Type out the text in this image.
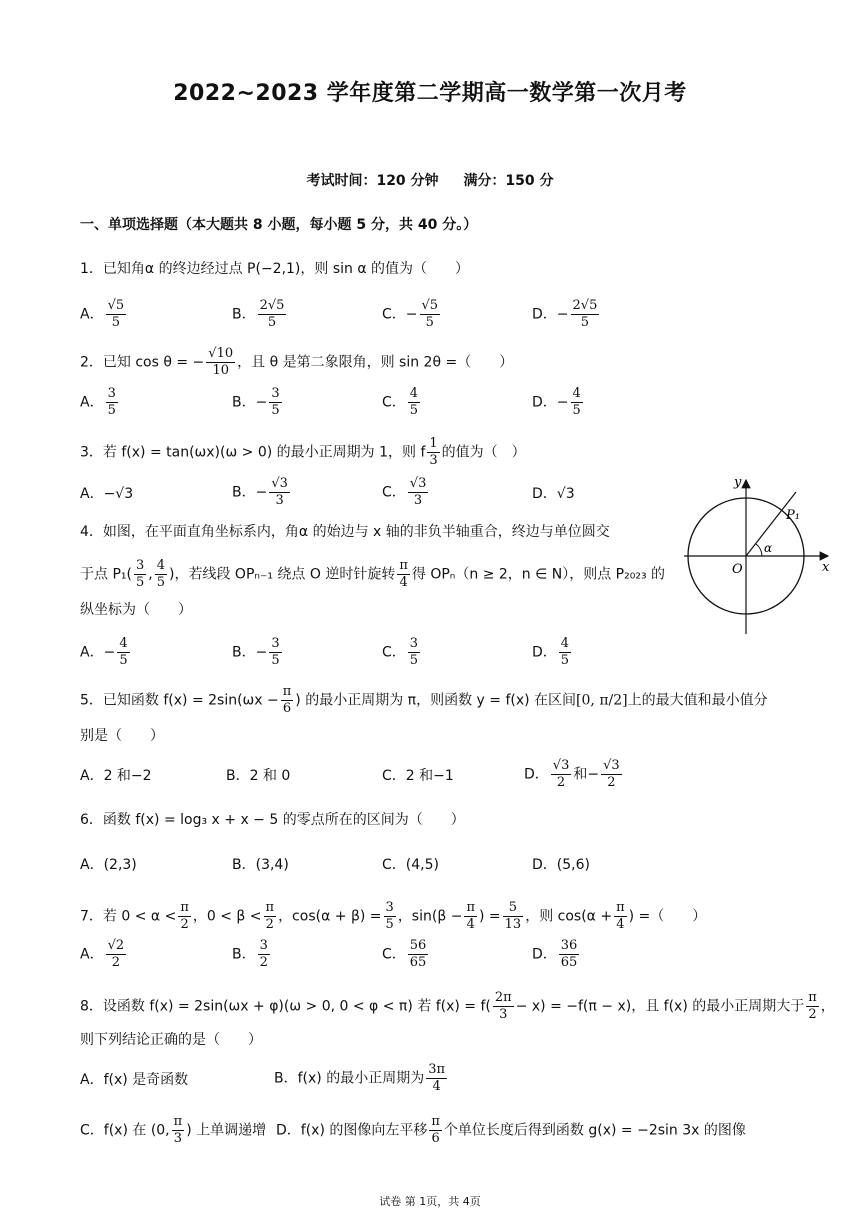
2022~2023 学年度第二学期高一数学第一次月考
考试时间：120 分钟 满分：150 分
一、单项选择题（本大题共 8 小题，每小题 5 分，共 40 分。）
1．已知角α 的终边经过点 P(−2,1)，则 sin α 的值为（　　）
A． $\frac{√5}{5}$	B． $\frac{2√5}{5}$	C．− $\frac{√5}{5}$	D．− $\frac{2√5}{5}$
2．已知 cos θ = − $\frac{√10}{10}$ ，且 θ 是第二象限角，则 sin 2θ =（　　）
A． $\frac{3}{5}$	B．− $\frac{3}{5}$	C． $\frac{4}{5}$	D．− $\frac{4}{5}$
3．若 f(x) = tan(ωx)(ω > 0) 的最小正周期为 1，则 f $\frac{1}{3}$ 的值为（　）
A．−√3	B．− $\frac{√3}{3}$	C． $\frac{√3}{3}$	D．√3
4．如图，在平面直角坐标系内，角α 的始边与 x 轴的非负半轴重合，终边与单位圆交
于点 $P_1( \frac{3}{5}$ , $\frac{4}{5}$ )，若线段 OPₙ₋₁ 绕点 O 逆时针旋转 $\frac{\pi}{4}$ 得 OPₙ（n ≥ 2，n ∈ N），则点 P₂₀₂₃ 的
纵坐标为（　　）
A．− $\frac{4}{5}$	B．− $\frac{3}{5}$	C． $\frac{3}{5}$	D． $\frac{4}{5}$
y
x
O
P₁
α
5．已知函数 $f(x) = 2\sin(\omega x - \frac{\pi}{6}$ ) 的最小正周期为 π，则函数 y = f(x) 在区间[0, π/2]上的最大值和最小值分
别是（　　）
A．2 和−2	B．2 和 0	C．2 和−1	D． $\frac{√3}{2}$ 和− $\frac{√3}{2}$
6．函数 f(x) = log₃ x + x − 5 的零点所在的区间为（　　）
A．(2,3)	B．(3,4)	C．(4,5)	D．(5,6)
7．若 $0 < \alpha < \frac{\pi}{2}$ ，$0 < \beta < \frac{\pi}{2}$ ，$\cos(\alpha + \beta) = \frac{3}{5}$ ，$\sin(\beta - \frac{\pi}{4}$ ) = $\frac{5}{13}$ ，则 $\cos(\alpha + \frac{\pi}{4}$ ) =（　　）
A． $\frac{√2}{2}$	B． $\frac{3}{2}$	C． $\frac{56}{65}$	D． $\frac{36}{65}$
8．设函数 f(x) = 2sin(ωx + φ)(ω > 0, 0 < φ < π) 若 $f(x) = f( \frac{2\pi}{3} - x) = -f(\pi - x)$，且 f(x) 的最小正周期大于 $\frac{\pi}{2}$ ，
则下列结论正确的是（　　）
A．f(x) 是奇函数	B．f(x) 的最小正周期为 $\frac{3\pi}{4}$
C．f(x) 在 (0, $\frac{\pi}{3}$ ) 上单调递增 D．f(x) 的图像向左平移 $\frac{\pi}{6}$ 个单位长度后得到函数 g(x) = −2sin 3x 的图像
试卷 第 1页，共 4页
